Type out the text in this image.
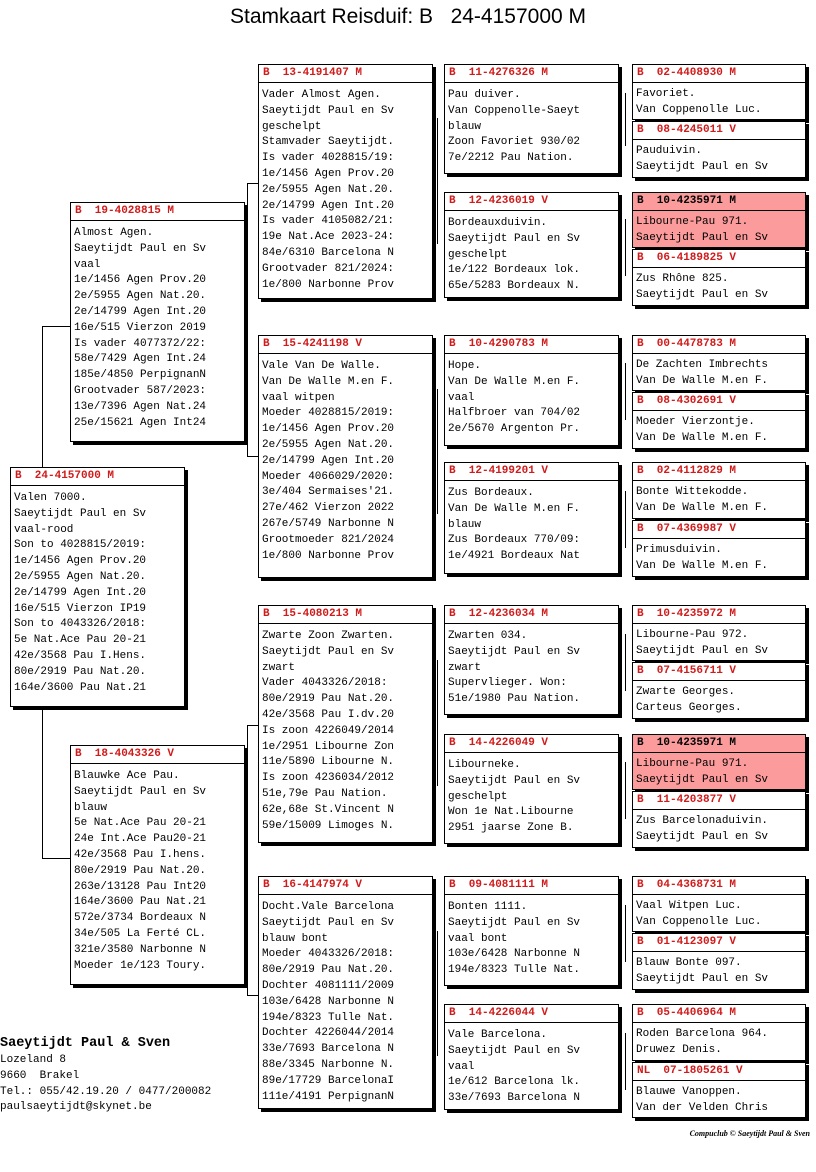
Stamkaart Reisduif: B   24-4157000 M
B  24-4157000 M
Valen 7000.
Saeytijdt Paul en Sv
vaal-rood
Son to 4028815/2019:
1e/1456 Agen Prov.20
2e/5955 Agen Nat.20.
2e/14799 Agen Int.20
16e/515 Vierzon IP19
Son to 4043326/2018:
5e Nat.Ace Pau 20-21
42e/3568 Pau I.Hens.
80e/2919 Pau Nat.20.
164e/3600 Pau Nat.21
B  19-4028815 M
Almost Agen.
Saeytijdt Paul en Sv
vaal
1e/1456 Agen Prov.20
2e/5955 Agen Nat.20.
2e/14799 Agen Int.20
16e/515 Vierzon 2019
Is vader 4077372/22:
58e/7429 Agen Int.24
185e/4850 PerpignanN
Grootvader 587/2023:
13e/7396 Agen Nat.24
25e/15621 Agen Int24
B  18-4043326 V
Blauwke Ace Pau.
Saeytijdt Paul en Sv
blauw
5e Nat.Ace Pau 20-21
24e Int.Ace Pau20-21
42e/3568 Pau I.hens.
80e/2919 Pau Nat.20.
263e/13128 Pau Int20
164e/3600 Pau Nat.21
572e/3734 Bordeaux N
34e/505 La Ferté CL.
321e/3580 Narbonne N
Moeder 1e/123 Toury.
B  13-4191407 M
Vader Almost Agen.
Saeytijdt Paul en Sv
geschelpt
Stamvader Saeytijdt.
Is vader 4028815/19:
1e/1456 Agen Prov.20
2e/5955 Agen Nat.20.
2e/14799 Agen Int.20
Is vader 4105082/21:
19e Nat.Ace 2023-24:
84e/6310 Barcelona N
Grootvader 821/2024:
1e/800 Narbonne Prov
B  15-4241198 V
Vale Van De Walle.
Van De Walle M.en F.
vaal witpen
Moeder 4028815/2019:
1e/1456 Agen Prov.20
2e/5955 Agen Nat.20.
2e/14799 Agen Int.20
Moeder 4066029/2020:
3e/404 Sermaises'21.
27e/462 Vierzon 2022
267e/5749 Narbonne N
Grootmoeder 821/2024
1e/800 Narbonne Prov
B  15-4080213 M
Zwarte Zoon Zwarten.
Saeytijdt Paul en Sv
zwart
Vader 4043326/2018:
80e/2919 Pau Nat.20.
42e/3568 Pau I.dv.20
Is zoon 4226049/2014
1e/2951 Libourne Zon
11e/5890 Libourne N.
Is zoon 4236034/2012
51e,79e Pau Nation.
62e,68e St.Vincent N
59e/15009 Limoges N.
B  16-4147974 V
Docht.Vale Barcelona
Saeytijdt Paul en Sv
blauw bont
Moeder 4043326/2018:
80e/2919 Pau Nat.20.
Dochter 4081111/2009
103e/6428 Narbonne N
194e/8323 Tulle Nat.
Dochter 4226044/2014
33e/7693 Barcelona N
88e/3345 Narbonne N.
89e/17729 BarcelonaI
111e/4191 PerpignanN
B  11-4276326 M
Pau duiver.
Van Coppenolle-Saeyt
blauw
Zoon Favoriet 930/02
7e/2212 Pau Nation.
B  12-4236019 V
Bordeauxduivin.
Saeytijdt Paul en Sv
geschelpt
1e/122 Bordeaux lok.
65e/5283 Bordeaux N.
B  10-4290783 M
Hope.
Van De Walle M.en F.
vaal
Halfbroer van 704/02
2e/5670 Argenton Pr.
B  12-4199201 V
Zus Bordeaux.
Van De Walle M.en F.
blauw
Zus Bordeaux 770/09:
1e/4921 Bordeaux Nat
B  12-4236034 M
Zwarten 034.
Saeytijdt Paul en Sv
zwart
Supervlieger. Won:
51e/1980 Pau Nation.
B  14-4226049 V
Libourneke.
Saeytijdt Paul en Sv
geschelpt
Won 1e Nat.Libourne
2951 jaarse Zone B.
B  09-4081111 M
Bonten 1111.
Saeytijdt Paul en Sv
vaal bont
103e/6428 Narbonne N
194e/8323 Tulle Nat.
B  14-4226044 V
Vale Barcelona.
Saeytijdt Paul en Sv
vaal
1e/612 Barcelona lk.
33e/7693 Barcelona N
B  02-4408930 M
Favoriet.
Van Coppenolle Luc.
B  08-4245011 V
Pauduivin.
Saeytijdt Paul en Sv
B  10-4235971 M
Libourne-Pau 971.
Saeytijdt Paul en Sv
B  06-4189825 V
Zus Rhône 825.
Saeytijdt Paul en Sv
B  00-4478783 M
De Zachten Imbrechts
Van De Walle M.en F.
B  08-4302691 V
Moeder Vierzontje.
Van De Walle M.en F.
B  02-4112829 M
Bonte Wittekodde.
Van De Walle M.en F.
B  07-4369987 V
Primusduivin.
Van De Walle M.en F.
B  10-4235972 M
Libourne-Pau 972.
Saeytijdt Paul en Sv
B  07-4156711 V
Zwarte Georges.
Carteus Georges.
B  10-4235971 M
Libourne-Pau 971.
Saeytijdt Paul en Sv
B  11-4203877 V
Zus Barcelonaduivin.
Saeytijdt Paul en Sv
B  04-4368731 M
Vaal Witpen Luc.
Van Coppenolle Luc.
B  01-4123097 V
Blauw Bonte 097.
Saeytijdt Paul en Sv
B  05-4406964 M
Roden Barcelona 964.
Druwez Denis.
NL  07-1805261 V
Blauwe Vanoppen.
Van der Velden Chris
Saeytijdt Paul & Sven
Lozeland 8
9660  Brakel
Tel.: 055/42.19.20 / 0477/200082
paulsaeytijdt@skynet.be
Compuclub © Saeytijdt Paul & Sven
